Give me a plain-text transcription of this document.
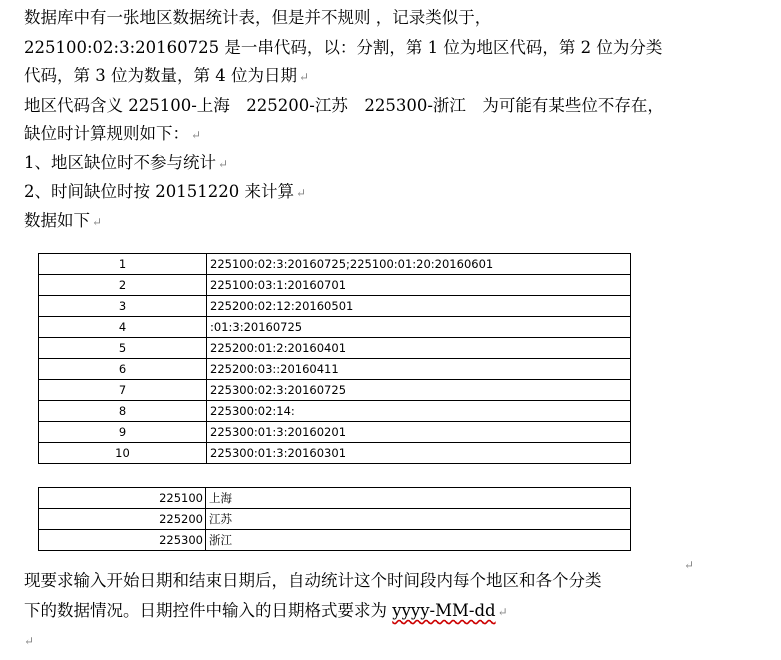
数据库中有一张地区数据统计表，但是并不规则 ，记录类似于，
225100:02:3:20160725 是一串代码，以：分割，第 1 位为地区代码，第 2 位为分类
代码，第 3 位为数量，第 4 位为日期 ↵
地区代码含义 225100-上海　225200-江苏　225300-浙江　为可能有某些位不存在，
缺位时计算规则如下： ↵
1、地区缺位时不参与统计 ↵
2、时间缺位时按 20151220 来计算 ↵
数据如下 ↵
1	225100:02:3:20160725;225100:01:20:20160601
2	225100:03:1:20160701
3	225200:02:12:20160501
4	:01:3:20160725
5	225200:01:2:20160401
6	225200:03::20160411
7	225300:02:3:20160725
8	225300:02:14:
9	225300:01:3:20160201
10	225300:01:3:20160301
225100	上海
225200	江苏
225300	浙江
↵
现要求输入开始日期和结束日期后，自动统计这个时间段内每个地区和各个分类
下的数据情况。日期控件中输入的日期格式要求为 yyyy-MM-dd ↵
↵
